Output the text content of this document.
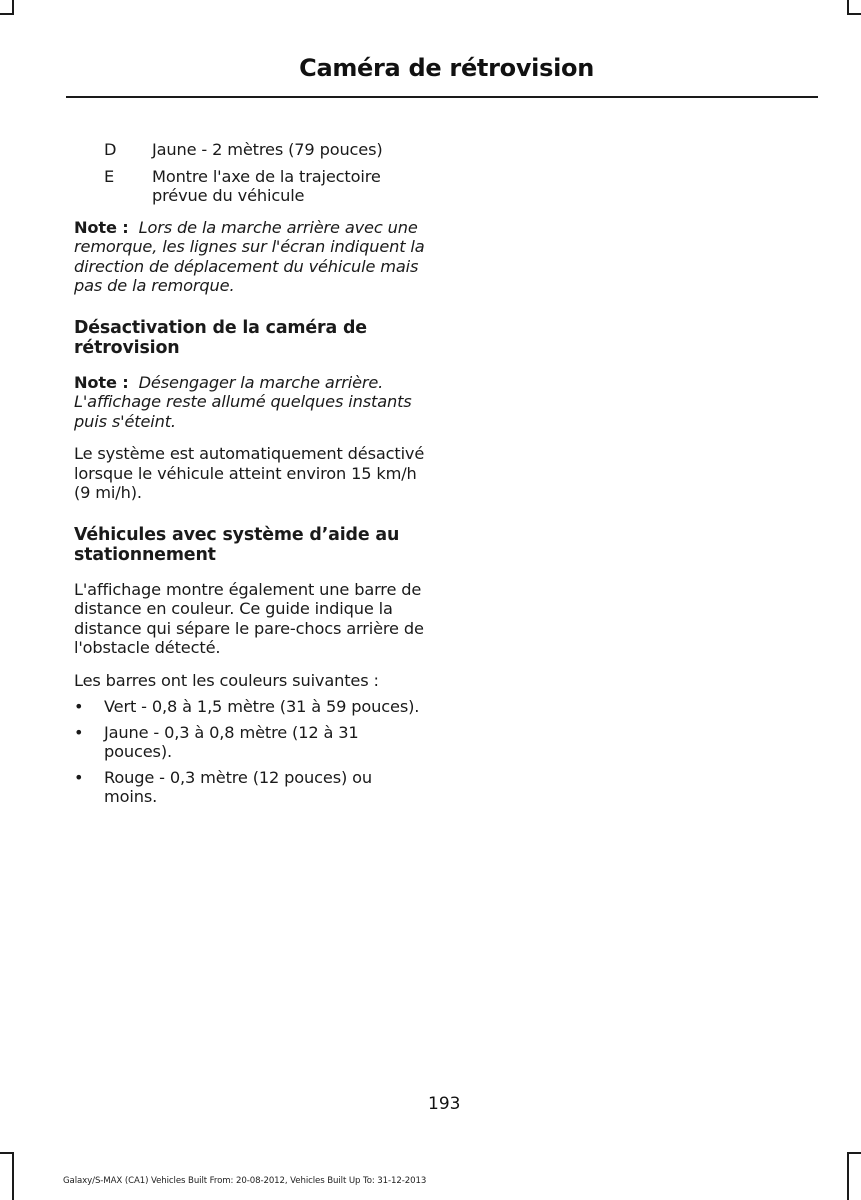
Caméra de rétrovision
D	Jaune - 2 mètres (79 pouces)
E	Montre l'axe de la trajectoire prévue du véhicule

Note : Lors de la marche arrière avec une remorque, les lignes sur l'écran indiquent la direction de déplacement du véhicule mais pas de la remorque.

Désactivation de la caméra de rétrovision

Note : Désengager la marche arrière. L'affichage reste allumé quelques instants puis s'éteint.

Le système est automatiquement désactivé lorsque le véhicule atteint environ 15 km/h (9 mi/h).

Véhicules avec système d’aide au stationnement

L'affichage montre également une barre de distance en couleur. Ce guide indique la distance qui sépare le pare-chocs arrière de l'obstacle détecté.

Les barres ont les couleurs suivantes :

• Vert - 0,8 à 1,5 mètre (31 à 59 pouces).
• Jaune - 0,3 à 0,8 mètre (12 à 31 pouces).
• Rouge - 0,3 mètre (12 pouces) ou moins.
193
Galaxy/S-MAX (CA1) Vehicles Built From: 20-08-2012, Vehicles Built Up To: 31-12-2013
